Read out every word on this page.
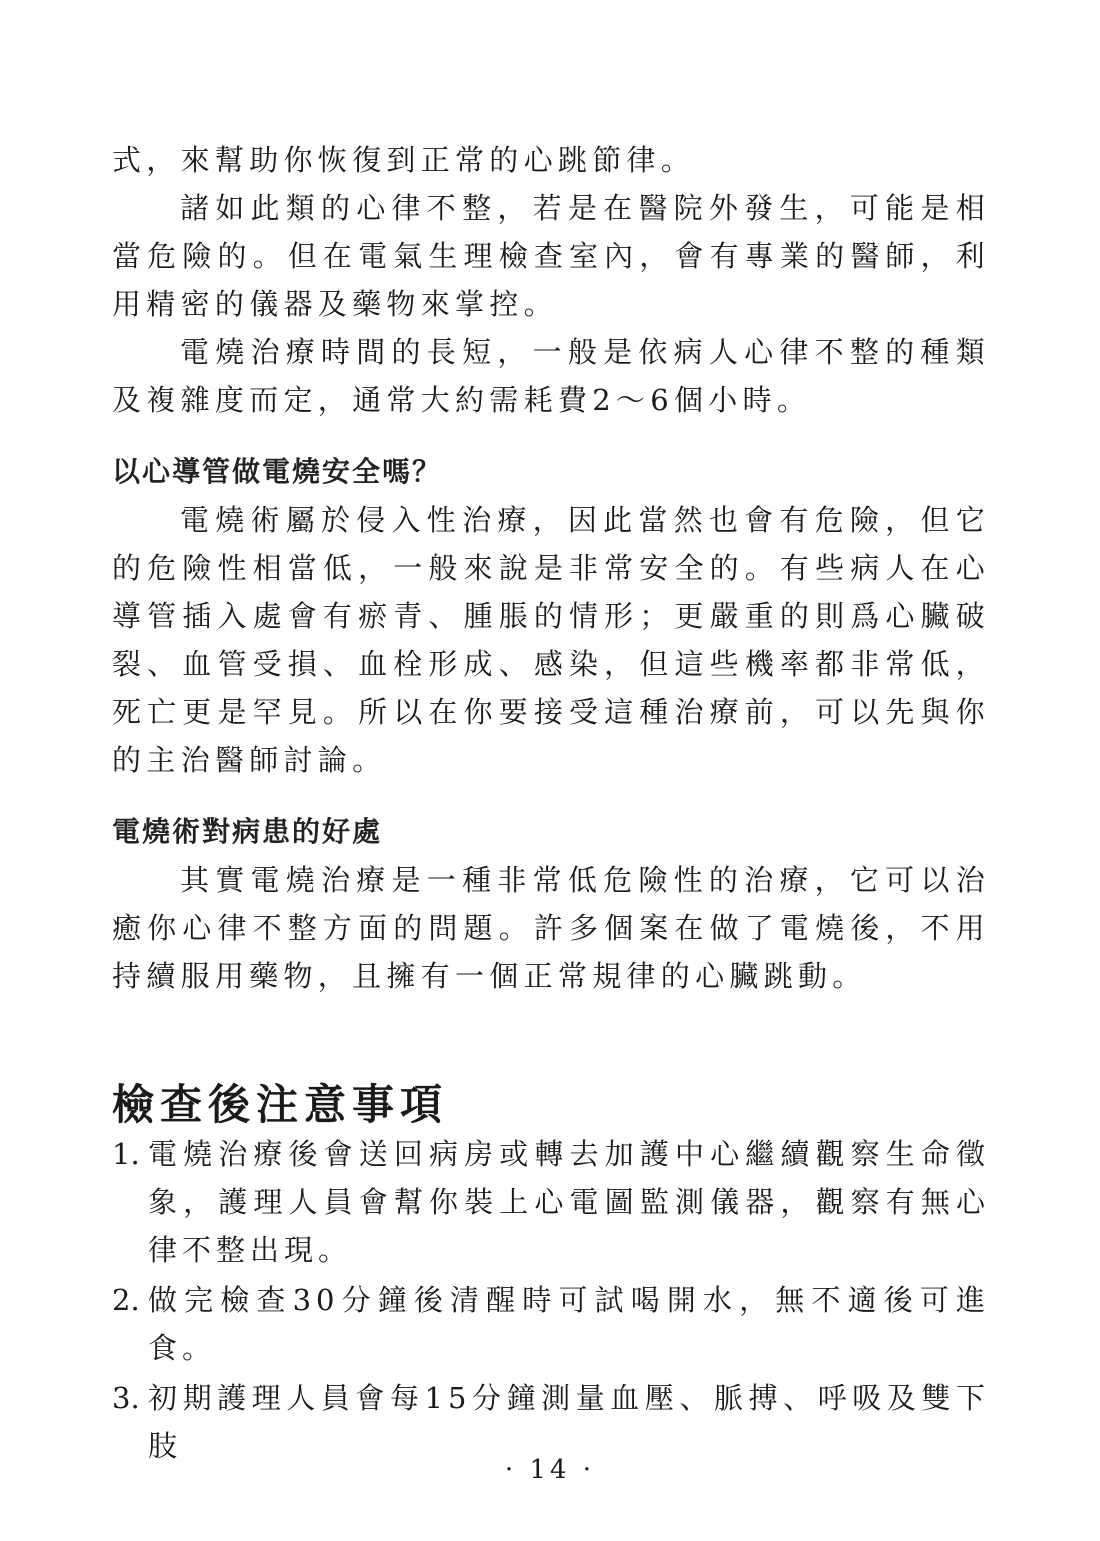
式，來幫助你恢復到正常的心跳節律。

諸如此類的心律不整，若是在醫院外發生，可能是相當危險的。但在電氣生理檢查室內，會有專業的醫師，利用精密的儀器及藥物來掌控。

電燒治療時間的長短，一般是依病人心律不整的種類及複雜度而定，通常大約需耗費2～6個小時。

以心導管做電燒安全嗎？

電燒術屬於侵入性治療，因此當然也會有危險，但它的危險性相當低，一般來說是非常安全的。有些病人在心導管插入處會有瘀青、腫脹的情形；更嚴重的則爲心臟破裂、血管受損、血栓形成、感染，但這些機率都非常低，死亡更是罕見。所以在你要接受這種治療前，可以先與你的主治醫師討論。

電燒術對病患的好處

其實電燒治療是一種非常低危險性的治療，它可以治癒你心律不整方面的問題。許多個案在做了電燒後，不用持續服用藥物，且擁有一個正常規律的心臟跳動。

檢查後注意事項
1. 電燒治療後會送回病房或轉去加護中心繼續觀察生命徵象，護理人員會幫你裝上心電圖監測儀器，觀察有無心律不整出現。
2. 做完檢查30分鐘後清醒時可試喝開水，無不適後可進食。
3. 初期護理人員會每15分鐘測量血壓、脈搏、呼吸及雙下肢
· 14 ·
